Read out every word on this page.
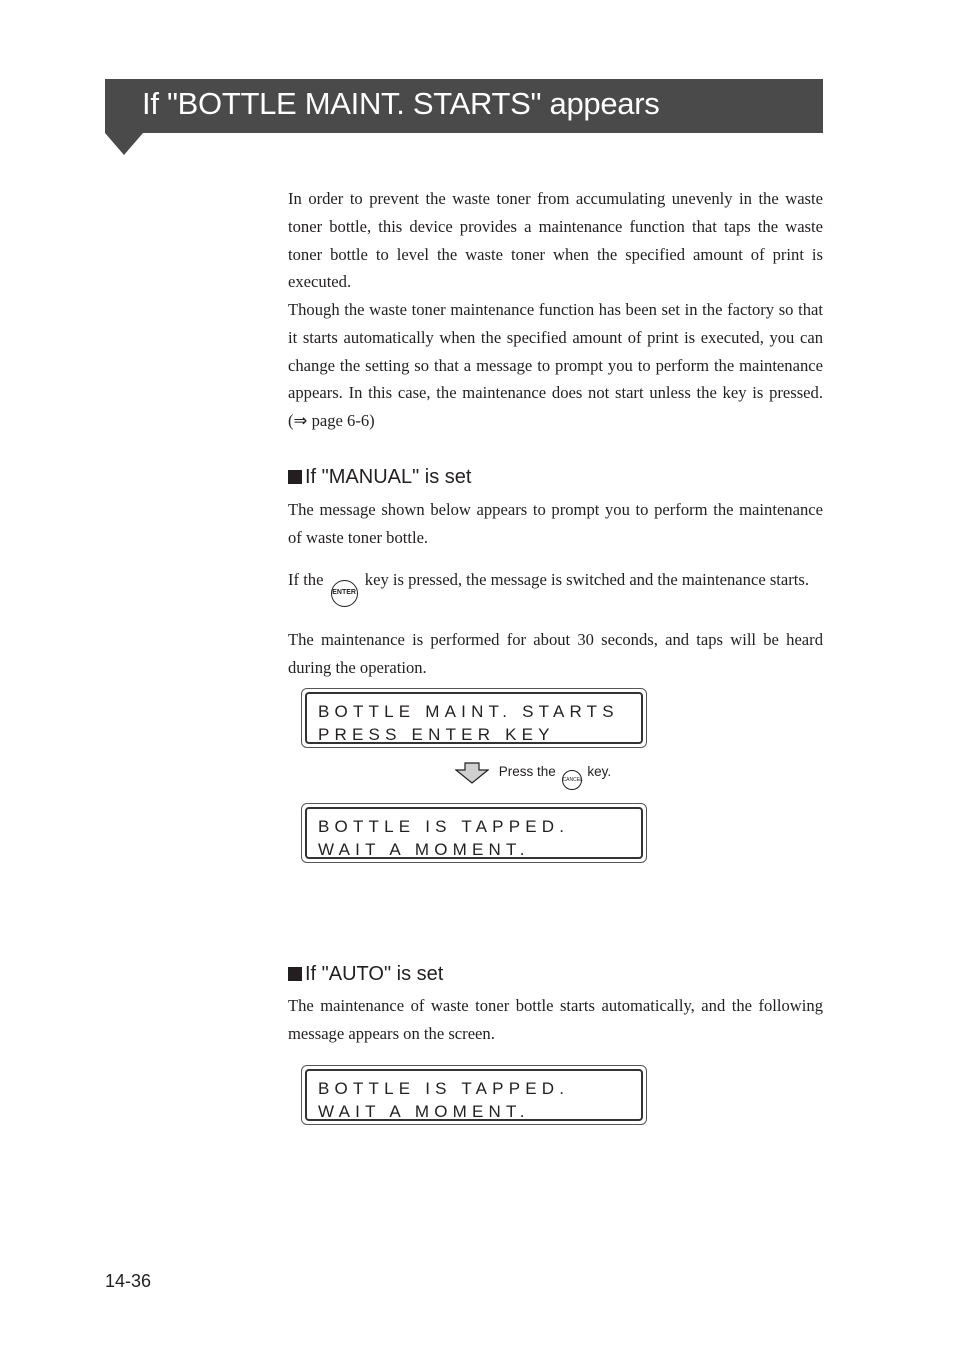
If "BOTTLE MAINT. STARTS" appears

In order to prevent the waste toner from accumulating unevenly in the waste toner bottle, this device provides a maintenance function that taps the waste toner bottle to level the waste toner when the specified amount of print is executed.

Though the waste toner maintenance function has been set in the factory so that it starts automatically when the specified amount of print is executed, you can change the setting so that a message to prompt you to perform the maintenance appears. In this case, the maintenance does not start unless the key is pressed. (⇒ page 6-6)

If "MANUAL" is set

The message shown below appears to prompt you to perform the maintenance of waste toner bottle.

If the ENTER key is pressed, the message is switched and the maintenance starts.

The maintenance is performed for about 30 seconds, and taps will be heard during the operation.

BOTTLE MAINT. STARTS
PRESS ENTER KEY
Press the CANCEL key.
BOTTLE IS TAPPED.
WAIT A MOMENT.
If "AUTO" is set

The maintenance of waste toner bottle starts automatically, and the following message appears on the screen.

BOTTLE IS TAPPED.
WAIT A MOMENT.
14-36
